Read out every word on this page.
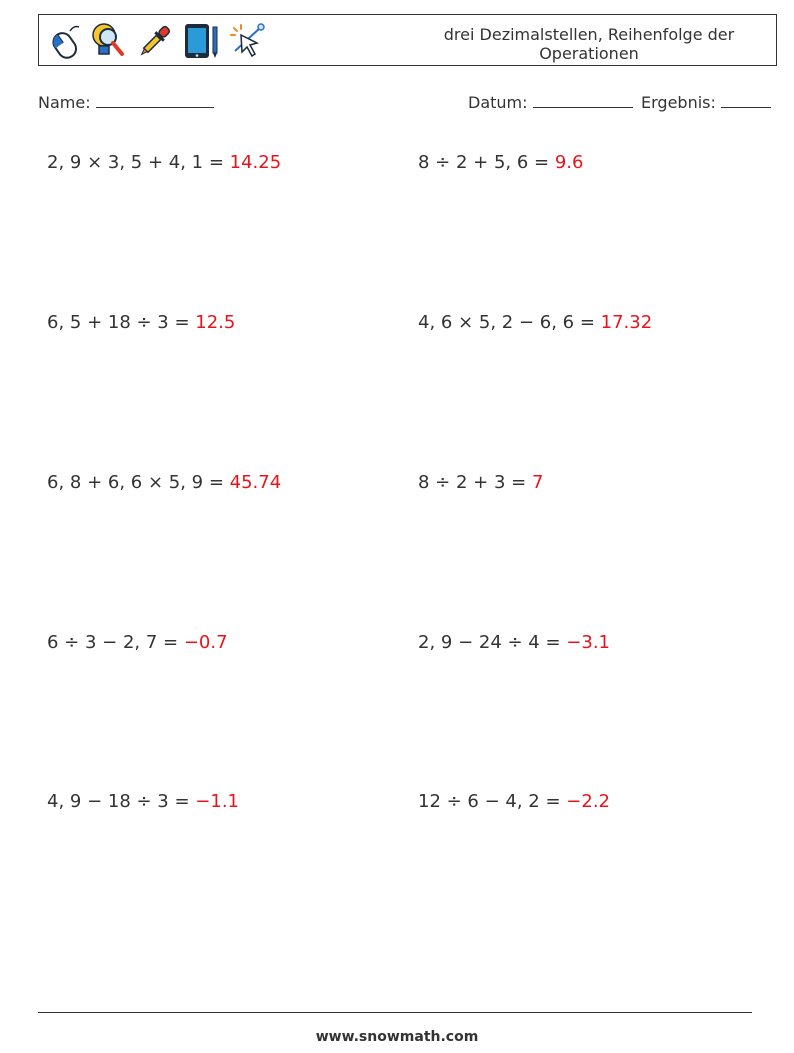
drei Dezimalstellen, Reihenfolge der Operationen
Name:	Datum:	Ergebnis:
2, 9 × 3, 5 + 4, 1 = 14.25	8 ÷ 2 + 5, 6 = 9.6
6, 5 + 18 ÷ 3 = 12.5	4, 6 × 5, 2 − 6, 6 = 17.32
6, 8 + 6, 6 × 5, 9 = 45.74	8 ÷ 2 + 3 = 7
6 ÷ 3 − 2, 7 = −0.7	2, 9 − 24 ÷ 4 = −3.1
4, 9 − 18 ÷ 3 = −1.1	12 ÷ 6 − 4, 2 = −2.2
www.snowmath.com
